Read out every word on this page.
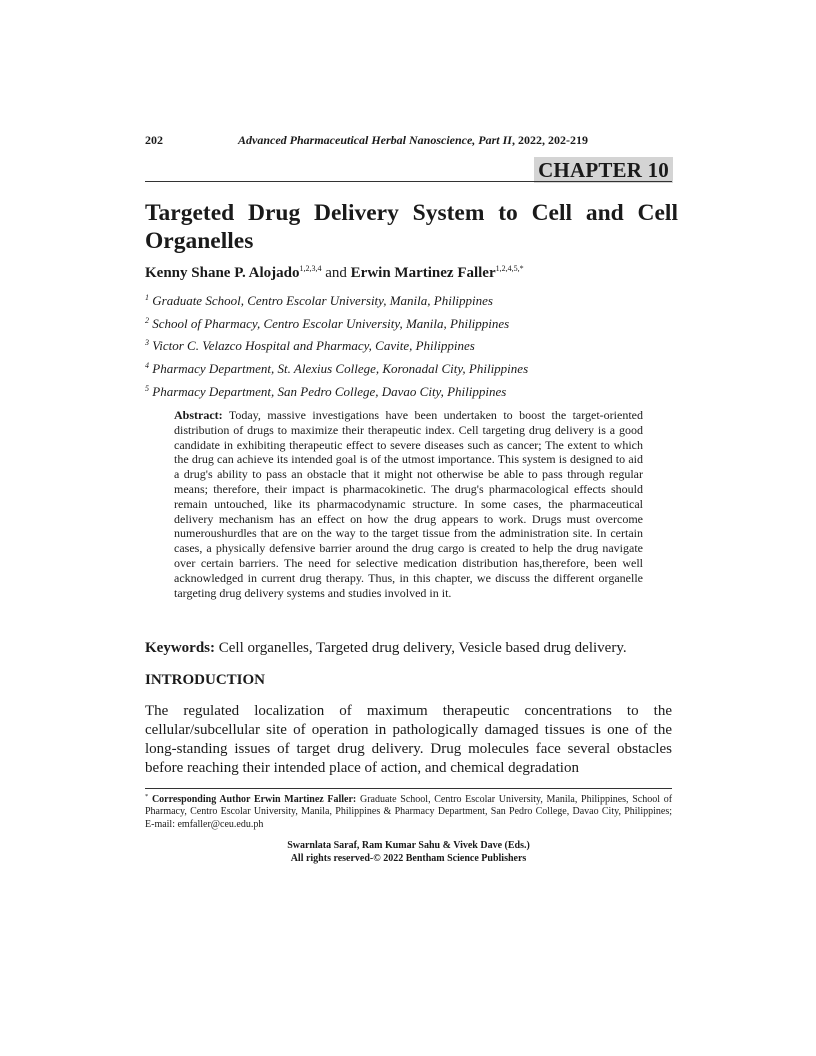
202	Advanced Pharmaceutical Herbal Nanoscience, Part II, 2022, 202-219
CHAPTER 10
Targeted Drug Delivery System to Cell and Cell
Organelles
Kenny Shane P. Alojado$^{1,2,3,4}$ and Erwin Martinez Faller$^{1,2,4,5,*}$
$^1$ Graduate School, Centro Escolar University, Manila, Philippines
$^2$ School of Pharmacy, Centro Escolar University, Manila, Philippines
$^3$ Victor C. Velazco Hospital and Pharmacy, Cavite, Philippines
$^4$ Pharmacy Department, St. Alexius College, Koronadal City, Philippines
$^5$ Pharmacy Department, San Pedro College, Davao City, Philippines

Abstract: Today, massive investigations have been undertaken to boost the target-oriented distribution of drugs to maximize their therapeutic index. Cell targeting drug delivery is a good candidate in exhibiting therapeutic effect to severe diseases such as cancer; The extent to which the drug can achieve its intended goal is of the utmost importance. This system is designed to aid a drug's ability to pass an obstacle that it might not otherwise be able to pass through regular means; therefore, their impact is pharmacokinetic. The drug's pharmacological effects should remain untouched, like its pharmacodynamic structure. In some cases, the pharmaceutical delivery mechanism has an effect on how the drug appears to work. Drugs must overcome numeroushurdles that are on the way to the target tissue from the administration site. In certain cases, a physically defensive barrier around the drug cargo is created to help the drug navigate over certain barriers. The need for selective medication distribution has,therefore, been well acknowledged in current drug therapy. Thus, in this chapter, we discuss the different organelle targeting drug delivery systems and studies involved in it.

Keywords: Cell organelles, Targeted drug delivery, Vesicle based drug delivery.
INTRODUCTION

The regulated localization of maximum therapeutic concentrations to the cellular/subcellular site of operation in pathologically damaged tissues is one of the long-standing issues of target drug delivery. Drug molecules face several obstacles before reaching their intended place of action, and chemical degradation

* Corresponding Author Erwin Martinez Faller: Graduate School, Centro Escolar University, Manila, Philippines, School of Pharmacy, Centro Escolar University, Manila, Philippines & Pharmacy Department, San Pedro College, Davao City, Philippines; E-mail: emfaller@ceu.edu.ph

Swarnlata Saraf, Ram Kumar Sahu & Vivek Dave (Eds.)
All rights reserved-© 2022 Bentham Science Publishers
